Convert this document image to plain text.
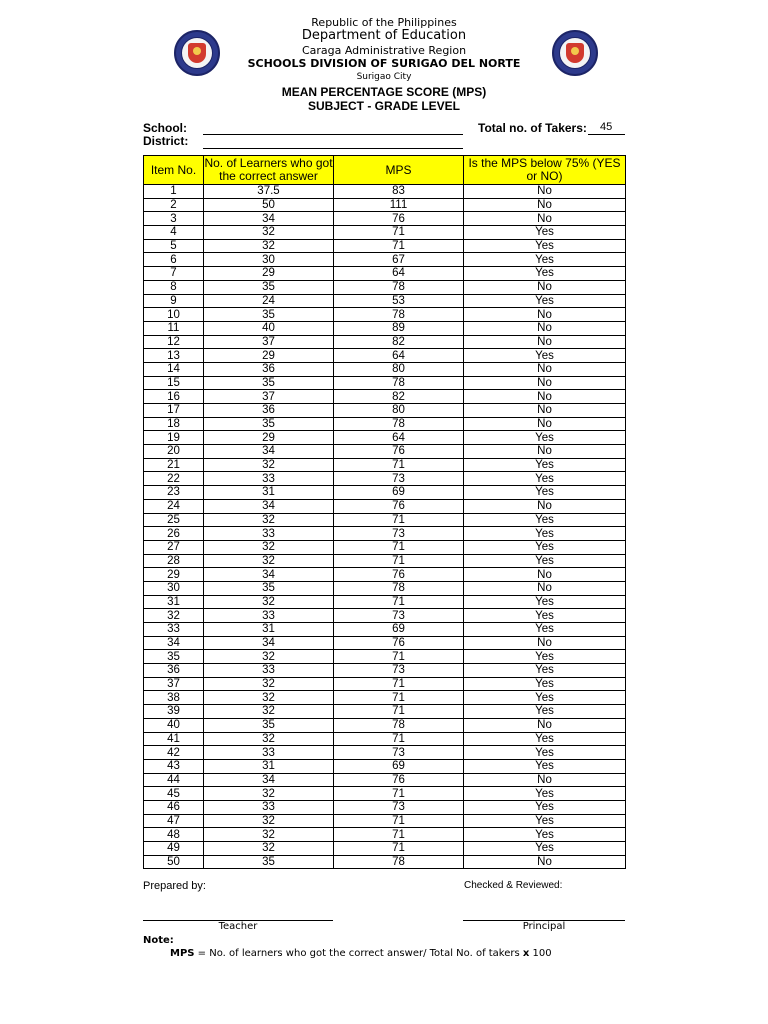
Republic of the Philippines
Department of Education
Caraga Administrative Region
SCHOOLS DIVISION OF SURIGAO DEL NORTE
Surigao City
MEAN PERCENTAGE SCORE (MPS)
SUBJECT - GRADE LEVEL
School:
District:
Total no. of Takers: 45
Item No.	No. of Learners who got the correct answer	MPS	Is the MPS below 75% (YES or NO)
1	37.5	83	No
2	50	111	No
3	34	76	No
4	32	71	Yes
5	32	71	Yes
6	30	67	Yes
7	29	64	Yes
8	35	78	No
9	24	53	Yes
10	35	78	No
11	40	89	No
12	37	82	No
13	29	64	Yes
14	36	80	No
15	35	78	No
16	37	82	No
17	36	80	No
18	35	78	No
19	29	64	Yes
20	34	76	No
21	32	71	Yes
22	33	73	Yes
23	31	69	Yes
24	34	76	No
25	32	71	Yes
26	33	73	Yes
27	32	71	Yes
28	32	71	Yes
29	34	76	No
30	35	78	No
31	32	71	Yes
32	33	73	Yes
33	31	69	Yes
34	34	76	No
35	32	71	Yes
36	33	73	Yes
37	32	71	Yes
38	32	71	Yes
39	32	71	Yes
40	35	78	No
41	32	71	Yes
42	33	73	Yes
43	31	69	Yes
44	34	76	No
45	32	71	Yes
46	33	73	Yes
47	32	71	Yes
48	32	71	Yes
49	32	71	Yes
50	35	78	No
Prepared by:	Checked & Reviewed:
Teacher	Principal
Note:
MPS = No. of learners who got the correct answer/ Total No. of takers x 100
